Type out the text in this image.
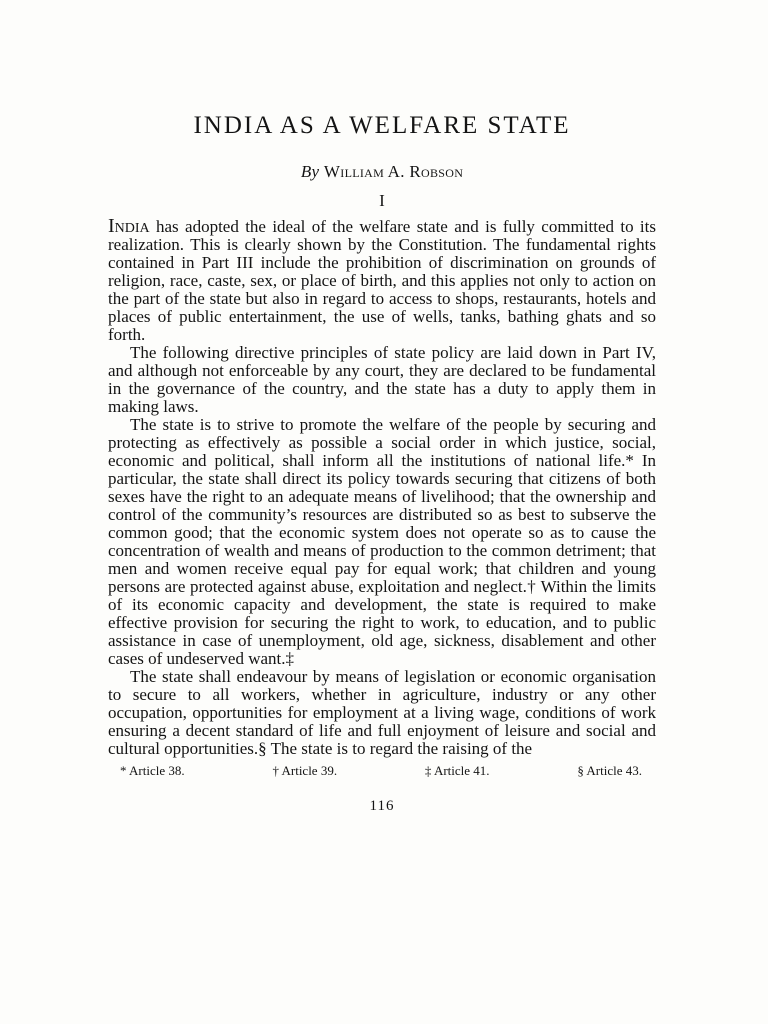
INDIA AS A WELFARE STATE
By William A. Robson
I

India has adopted the ideal of the welfare state and is fully committed to its realization. This is clearly shown by the Constitution. The fundamental rights contained in Part III include the prohibition of discrimination on grounds of religion, race, caste, sex, or place of birth, and this applies not only to action on the part of the state but also in regard to access to shops, restaurants, hotels and places of public entertainment, the use of wells, tanks, bathing ghats and so forth.

The following directive principles of state policy are laid down in Part IV, and although not enforceable by any court, they are declared to be fundamental in the governance of the country, and the state has a duty to apply them in making laws.

The state is to strive to promote the welfare of the people by securing and protecting as effectively as possible a social order in which justice, social, economic and political, shall inform all the institutions of national life.* In particular, the state shall direct its policy towards securing that citizens of both sexes have the right to an adequate means of livelihood; that the ownership and control of the community’s resources are distributed so as best to subserve the common good; that the economic system does not operate so as to cause the concentration of wealth and means of production to the common detriment; that men and women receive equal pay for equal work; that children and young persons are protected against abuse, exploitation and neglect.† Within the limits of its economic capacity and development, the state is required to make effective provision for securing the right to work, to education, and to public assistance in case of unemployment, old age, sickness, disablement and other cases of undeserved want.‡

The state shall endeavour by means of legislation or economic organisation to secure to all workers, whether in agriculture, industry or any other occupation, opportunities for employment at a living wage, conditions of work ensuring a decent standard of life and full enjoyment of leisure and social and cultural opportunities.§ The state is to regard the raising of the

* Article 38.	† Article 39.	‡ Article 41.	§ Article 43.
116
